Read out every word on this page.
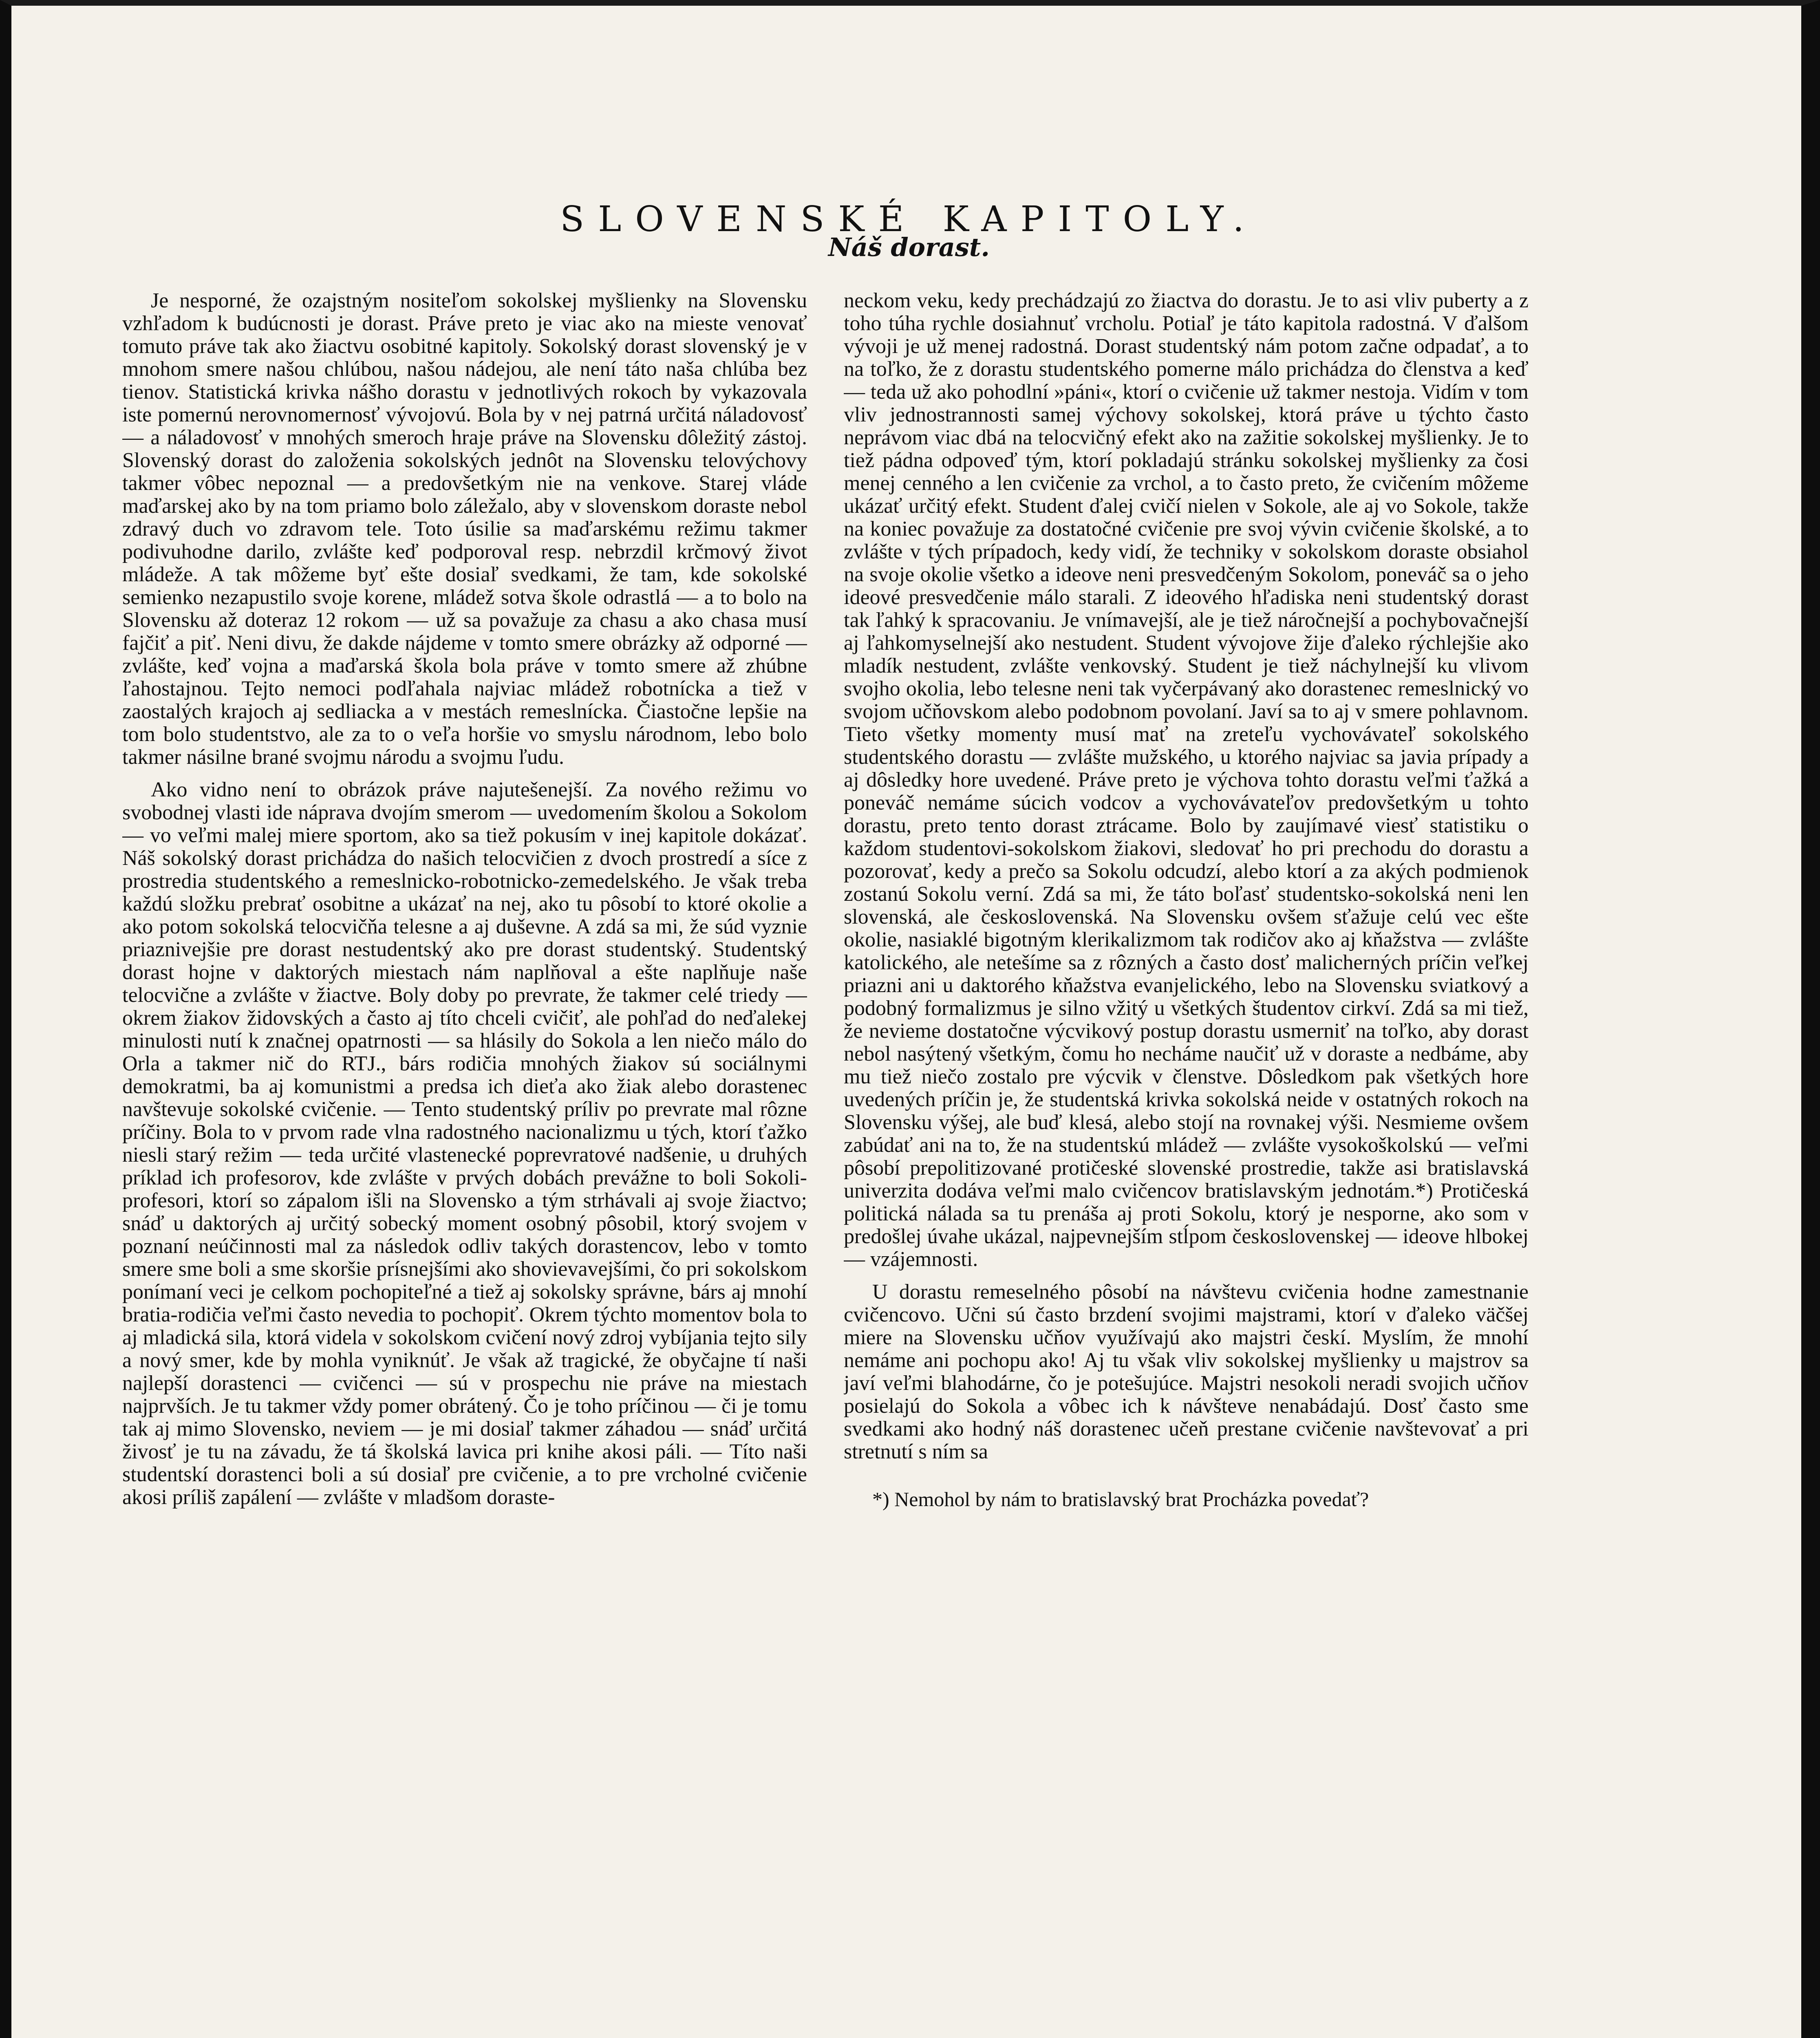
SLOVENSKÉ KAPITOLY.
Náš dorast.

Je nesporné, že ozajstným nositeľom sokolskej myšlienky na Slovensku vzhľadom k budúcnosti je dorast. Práve preto je viac ako na mieste venovať tomuto práve tak ako žiactvu osobitné kapitoly. Sokolský dorast slovenský je v mnohom smere našou chlúbou, našou nádejou, ale není táto naša chlúba bez tienov. Statistická krivka nášho dorastu v jednotlivých rokoch by vykazovala iste pomernú nerovnomernosť vývojovú. Bola by v nej patrná určitá náladovosť — a náladovosť v mnohých smeroch hraje práve na Slovensku dôležitý zástoj. Slovenský dorast do založenia sokolských jednôt na Slovensku telovýchovy takmer vôbec nepoznal — a predovšetkým nie na venkove. Starej vláde maďarskej ako by na tom priamo bolo záležalo, aby v slovenskom doraste nebol zdravý duch vo zdravom tele. Toto úsilie sa maďarskému režimu takmer podivuhodne darilo, zvlášte keď podporoval resp. nebrzdil krčmový život mládeže. A tak môžeme byť ešte dosiaľ svedkami, že tam, kde sokolské semienko nezapustilo svoje korene, mládež sotva škole odrastlá — a to bolo na Slovensku až doteraz 12 rokom — už sa považuje za chasu a ako chasa musí fajčiť a piť. Neni divu, že dakde nájdeme v tomto smere obrázky až odporné — zvlášte, keď vojna a maďarská škola bola práve v tomto smere až zhúbne ľahostajnou. Tejto nemoci podľahala najviac mládež robotnícka a tiež v zaostalých krajoch aj sedliacka a v mestách remeslnícka. Čiastočne lepšie na tom bolo studentstvo, ale za to o veľa horšie vo smyslu národnom, lebo bolo takmer násilne brané svojmu národu a svojmu ľudu.

Ako vidno není to obrázok práve najutešenejší. Za nového režimu vo svobodnej vlasti ide náprava dvojím smerom — uvedomením školou a Sokolom — vo veľmi malej miere sportom, ako sa tiež pokusím v inej kapitole dokázať. Náš sokolský dorast prichádza do našich telocvičien z dvoch prostredí a síce z prostredia studentského a remeslnicko-robotnicko-zemedelského. Je však treba každú složku prebrať osobitne a ukázať na nej, ako tu pôsobí to ktoré okolie a ako potom sokolská telocvičňa telesne a aj duševne. A zdá sa mi, že súd vyznie priaznivejšie pre dorast nestudentský ako pre dorast studentský. Studentský dorast hojne v daktorých miestach nám naplňoval a ešte naplňuje naše telocvične a zvlášte v žiactve. Boly doby po prevrate, že takmer celé triedy — okrem žiakov židovských a často aj títo chceli cvičiť, ale pohľad do neďalekej minulosti nutí k značnej opatrnosti — sa hlásily do Sokola a len niečo málo do Orla a takmer nič do RTJ., bárs rodičia mnohých žiakov sú sociálnymi demokratmi, ba aj komunistmi a predsa ich dieťa ako žiak alebo dorastenec navštevuje sokolské cvičenie. — Tento studentský príliv po prevrate mal rôzne príčiny. Bola to v prvom rade vlna radostného nacionalizmu u tých, ktorí ťažko niesli starý režim — teda určité vlastenecké poprevratové nadšenie, u druhých príklad ich profesorov, kde zvlášte v prvých dobách prevážne to boli Sokoli-profesori, ktorí so zápalom išli na Slovensko a tým strhávali aj svoje žiactvo; snáď u daktorých aj určitý sobecký moment osobný pôsobil, ktorý svojem v poznaní neúčinnosti mal za následok odliv takých dorastencov, lebo v tomto smere sme boli a sme skoršie prísnejšími ako shovievavejšími, čo pri sokolskom ponímaní veci je celkom pochopiteľné a tiež aj sokolsky správne, bárs aj mnohí bratia-rodičia veľmi často nevedia to pochopiť. Okrem týchto momentov bola to aj mladická sila, ktorá videla v sokolskom cvičení nový zdroj vybíjania tejto sily a nový smer, kde by mohla vyniknúť. Je však až tragické, že obyčajne tí naši najlepší dorastenci — cvičenci — sú v prospechu nie práve na miestach najprvších. Je tu takmer vždy pomer obrátený. Čo je toho príčinou — či je tomu tak aj mimo Slovensko, neviem — je mi dosiaľ takmer záhadou — snáď určitá živosť je tu na závadu, že tá školská lavica pri knihe akosi páli. — Títo naši studentskí dorastenci boli a sú dosiaľ pre cvičenie, a to pre vrcholné cvičenie akosi príliš zapálení — zvlášte v mladšom doraste-

neckom veku, kedy prechádzajú zo žiactva do dorastu. Je to asi vliv puberty a z toho túha rychle dosiahnuť vrcholu. Potiaľ je táto kapitola radostná. V ďalšom vývoji je už menej radostná. Dorast studentský nám potom začne odpadať, a to na toľko, že z dorastu studentského pomerne málo prichádza do členstva a keď — teda už ako pohodlní »páni«, ktorí o cvičenie už takmer nestoja. Vidím v tom vliv jednostrannosti samej výchovy sokolskej, ktorá práve u týchto často neprávom viac dbá na telocvičný efekt ako na zažitie sokolskej myšlienky. Je to tiež pádna odpoveď tým, ktorí pokladajú stránku sokolskej myšlienky za čosi menej cenného a len cvičenie za vrchol, a to často preto, že cvičením môžeme ukázať určitý efekt. Student ďalej cvičí nielen v Sokole, ale aj vo Sokole, takže na koniec považuje za dostatočné cvičenie pre svoj vývin cvičenie školské, a to zvlášte v tých prípadoch, kedy vidí, že techniky v sokolskom doraste obsiahol na svoje okolie všetko a ideove neni presvedčeným Sokolom, poneváč sa o jeho ideové presvedčenie málo starali. Z ideového hľadiska neni studentský dorast tak ľahký k spracovaniu. Je vnímavejší, ale je tiež náročnejší a pochybovačnejší aj ľahkomyselnejší ako nestudent. Student vývojove žije ďaleko rýchlejšie ako mladík nestudent, zvlášte venkovský. Student je tiež náchylnejší ku vlivom svojho okolia, lebo telesne neni tak vyčerpávaný ako dorastenec remeslnický vo svojom učňovskom alebo podobnom povolaní. Javí sa to aj v smere pohlavnom. Tieto všetky momenty musí mať na zreteľu vychovávateľ sokolského studentského dorastu — zvlášte mužského, u ktorého najviac sa javia prípady a aj dôsledky hore uvedené. Práve preto je výchova tohto dorastu veľmi ťažká a poneváč nemáme súcich vodcov a vychovávateľov predovšetkým u tohto dorastu, preto tento dorast ztrácame. Bolo by zaujímavé viesť statistiku o každom studentovi-sokolskom žiakovi, sledovať ho pri prechodu do dorastu a pozorovať, kedy a prečo sa Sokolu odcudzí, alebo ktorí a za akých podmienok zostanú Sokolu verní. Zdá sa mi, že táto boľasť studentsko-sokolská neni len slovenská, ale československá. Na Slovensku ovšem sťažuje celú vec ešte okolie, nasiaklé bigotným klerikalizmom tak rodičov ako aj kňažstva — zvlášte katolického, ale netešíme sa z rôzných a často dosť malicherných príčin veľkej priazni ani u daktorého kňažstva evanjelického, lebo na Slovensku sviatkový a podobný formalizmus je silno vžitý u všetkých študentov cirkví. Zdá sa mi tiež, že nevieme dostatočne výcvikový postup dorastu usmerniť na toľko, aby dorast nebol nasýtený všetkým, čomu ho necháme naučiť už v doraste a nedbáme, aby mu tiež niečo zostalo pre výcvik v členstve. Dôsledkom pak všetkých hore uvedených príčin je, že studentská krivka sokolská neide v ostatných rokoch na Slovensku výšej, ale buď klesá, alebo stojí na rovnakej výši. Nesmieme ovšem zabúdať ani na to, že na studentskú mládež — zvlášte vysokoškolskú — veľmi pôsobí prepolitizované protičeské slovenské prostredie, takže asi bratislavská univerzita dodáva veľmi malo cvičencov bratislavským jednotám.*) Protičeská politická nálada sa tu prenáša aj proti Sokolu, ktorý je nesporne, ako som v predošlej úvahe ukázal, najpevnejším stĺpom československej — ideove hlbokej — vzájemnosti.

U dorastu remeselného pôsobí na návštevu cvičenia hodne zamestnanie cvičencovo. Učni sú často brzdení svojimi majstrami, ktorí v ďaleko väčšej miere na Slovensku učňov využívajú ako majstri českí. Myslím, že mnohí nemáme ani pochopu ako! Aj tu však vliv sokolskej myšlienky u majstrov sa javí veľmi blahodárne, čo je potešujúce. Majstri nesokoli neradi svojich učňov posielajú do Sokola a vôbec ich k návšteve nenabádajú. Dosť často sme svedkami ako hodný náš dorastenec učeň prestane cvičenie navštevovať a pri stretnutí s ním sa

*) Nemohol by nám to bratislavský brat Procházka povedať?
